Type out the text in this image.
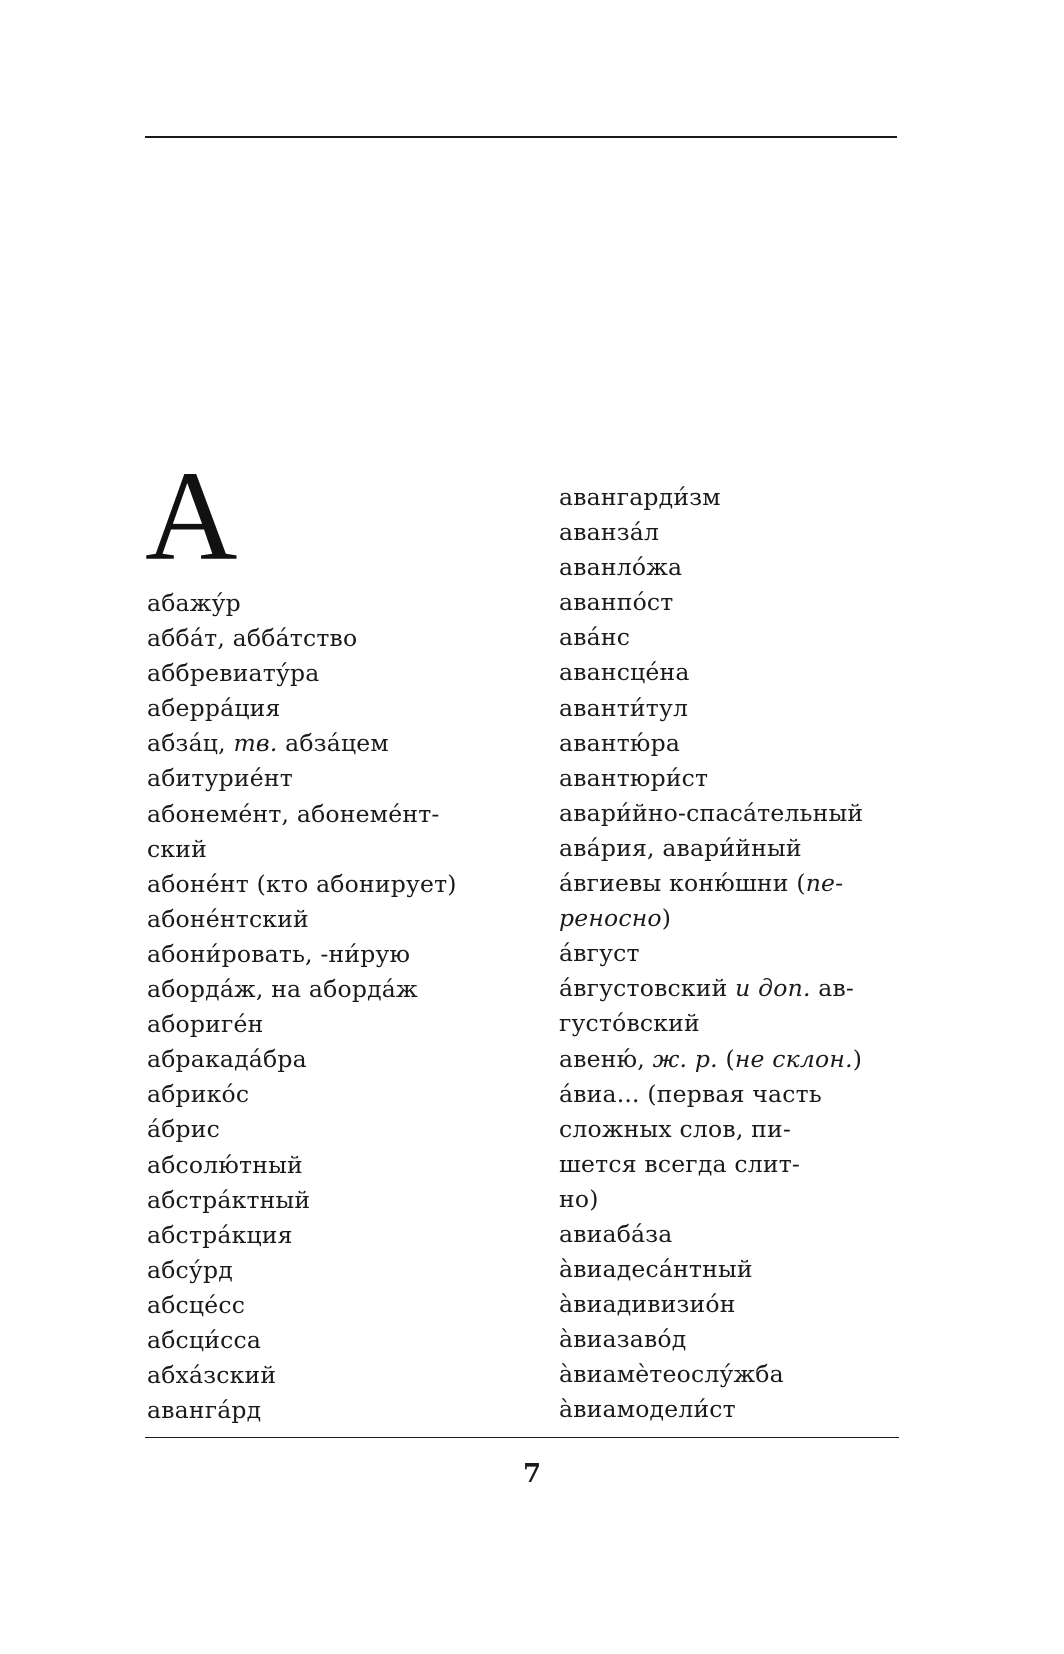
А
абажу́р
абба́т, абба́тство
аббревиату́ра
аберра́ция
абза́ц, тв. абза́цем
абитурие́нт
абонеме́нт, абонеме́нт-
ский
абоне́нт (кто абонирует)
абоне́нтский
абони́ровать, -ни́рую
аборда́ж, на аборда́ж
абориге́н
абракада́бра
абрико́с
а́брис
абсолю́тный
абстра́ктный
абстра́кция
абсу́рд
абсце́сс
абсци́сса
абха́зский
аванга́рд
авангарди́зм
аванза́л
аванло́жа
аванпо́ст
ава́нс
авансце́на
аванти́тул
авантю́ра
авантюри́ст
авари́йно-спаса́тельный
ава́рия, авари́йный
а́вгиевы коню́шни (пе-
реносно)
а́вгуст
а́вгустовский и доп. ав-
густо́вский
авеню́, ж. р. (не склон.)
а́виа... (первая часть
сложных слов, пи-
шется всегда слит-
но)
авиаба́за
а̀виадеса́нтный
а̀виадивизио́н
а̀виазаво́д
а̀виамѐтеослу́жба
а̀виамодели́ст
7
